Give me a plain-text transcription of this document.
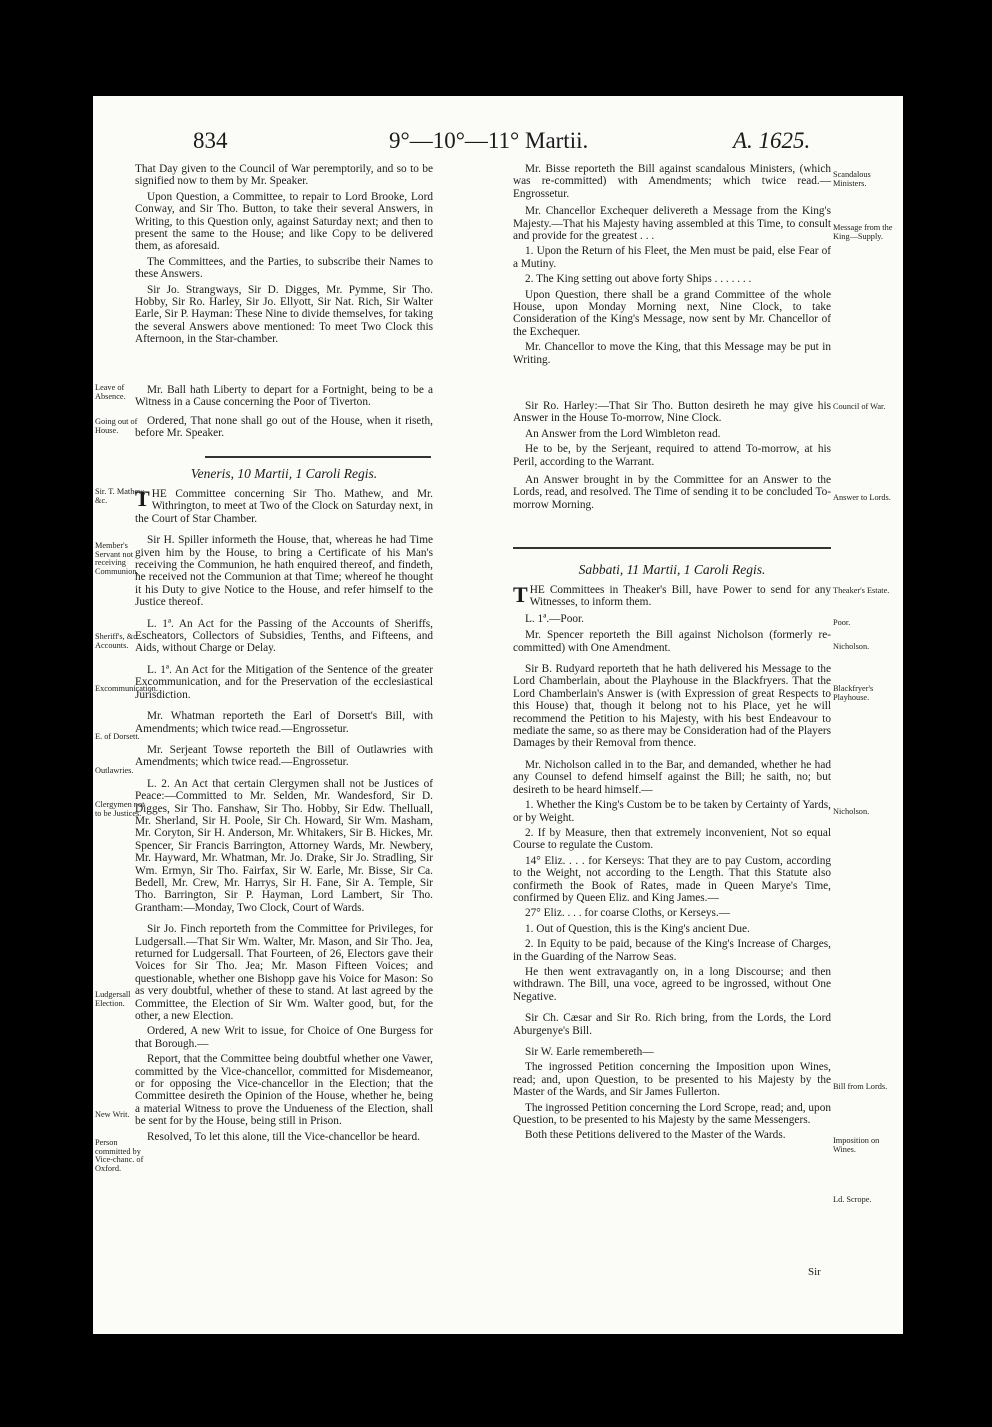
834	9°—10°—11° Martii.	A. 1625.

That Day given to the Council of War peremptorily, and so to be signified now to them by Mr. Speaker.

Upon Question, a Committee, to repair to Lord Brooke, Lord Conway, and Sir Tho. Button, to take their several Answers, in Writing, to this Question only, against Saturday next; and then to present the same to the House; and like Copy to be delivered them, as aforesaid.

The Committees, and the Parties, to subscribe their Names to these Answers.

Sir Jo. Strangways, Sir D. Digges, Mr. Pymme, Sir Tho. Hobby, Sir Ro. Harley, Sir Jo. Ellyott, Sir Nat. Rich, Sir Walter Earle, Sir P. Hayman: These Nine to divide themselves, for taking the several Answers above mentioned: To meet Two Clock this Afternoon, in the Star-chamber.

Mr. Ball hath Liberty to depart for a Fortnight, being to be a Witness in a Cause concerning the Poor of Tiverton.

Ordered, That none shall go out of the House, when it riseth, before Mr. Speaker.

Veneris, 10 Martii, 1 Caroli Regis.

THE Committee concerning Sir Tho. Mathew, and Mr. Withrington, to meet at Two of the Clock on Saturday next, in the Court of Star Chamber.

Sir H. Spiller informeth the House, that, whereas he had Time given him by the House, to bring a Certificate of his Man's receiving the Communion, he hath enquired thereof, and findeth, he received not the Communion at that Time; whereof he thought it his Duty to give Notice to the House, and refer himself to the Justice thereof.

L. 1ª. An Act for the Passing of the Accounts of Sheriffs, Escheators, Collectors of Subsidies, Tenths, and Fifteens, and Aids, without Charge or Delay.

L. 1ª. An Act for the Mitigation of the Sentence of the greater Excommunication, and for the Preservation of the ecclesiastical Jurisdiction.

Mr. Whatman reporteth the Earl of Dorsett's Bill, with Amendments; which twice read.—Engrossetur.

Mr. Serjeant Towse reporteth the Bill of Outlawries with Amendments; which twice read.—Engrossetur.

L. 2. An Act that certain Clergymen shall not be Justices of Peace:—Committed to Mr. Selden, Mr. Wandesford, Sir D. Digges, Sir Tho. Fanshaw, Sir Tho. Hobby, Sir Edw. Thelluall, Mr. Sherland, Sir H. Poole, Sir Ch. Howard, Sir Wm. Masham, Mr. Coryton, Sir H. Anderson, Mr. Whitakers, Sir B. Hickes, Mr. Spencer, Sir Francis Barrington, Attorney Wards, Mr. Newbery, Mr. Hayward, Mr. Whatman, Mr. Jo. Drake, Sir Jo. Stradling, Sir Wm. Ermyn, Sir Tho. Fairfax, Sir W. Earle, Mr. Bisse, Sir Ca. Bedell, Mr. Crew, Mr. Harrys, Sir H. Fane, Sir A. Temple, Sir Tho. Barrington, Sir P. Hayman, Lord Lambert, Sir Tho. Grantham:—Monday, Two Clock, Court of Wards.

Sir Jo. Finch reporteth from the Committee for Privileges, for Ludgersall.—That Sir Wm. Walter, Mr. Mason, and Sir Tho. Jea, returned for Ludgersall. That Fourteen, of 26, Electors gave their Voices for Sir Tho. Jea; Mr. Mason Fifteen Voices; and questionable, whether one Bishopp gave his Voice for Mason: So as very doubtful, whether of these to stand. At last agreed by the Committee, the Election of Sir Wm. Walter good, but, for the other, a new Election.

Ordered, A new Writ to issue, for Choice of One Burgess for that Borough.—

Report, that the Committee being doubtful whether one Vawer, committed by the Vice-chancellor, committed for Misdemeanor, or for opposing the Vice-chancellor in the Election; that the Committee desireth the Opinion of the House, whether he, being a material Witness to prove the Undueness of the Election, shall be sent for by the House, being still in Prison.

Resolved, To let this alone, till the Vice-chancellor be heard.

Mr. Bisse reporteth the Bill against scandalous Ministers, (which was re-committed) with Amendments; which twice read.—Engrossetur.

Mr. Chancellor Exchequer delivereth a Message from the King's Majesty.—That his Majesty having assembled at this Time, to consult and provide for the greatest . . .

1. Upon the Return of his Fleet, the Men must be paid, else Fear of a Mutiny.

2. The King setting out above forty Ships . . . . . . .

Upon Question, there shall be a grand Committee of the whole House, upon Monday Morning next, Nine Clock, to take Consideration of the King's Message, now sent by Mr. Chancellor of the Exchequer.

Mr. Chancellor to move the King, that this Message may be put in Writing.

Sir Ro. Harley:—That Sir Tho. Button desireth he may give his Answer in the House To-morrow, Nine Clock.

An Answer from the Lord Wimbleton read.

He to be, by the Serjeant, required to attend To-morrow, at his Peril, according to the Warrant.

An Answer brought in by the Committee for an Answer to the Lords, read, and resolved. The Time of sending it to be concluded To-morrow Morning.

Sabbati, 11 Martii, 1 Caroli Regis.

THE Committees in Theaker's Bill, have Power to send for any Witnesses, to inform them.

L. 1ª.—Poor.

Mr. Spencer reporteth the Bill against Nicholson (formerly re-committed) with One Amendment.

Sir B. Rudyard reporteth that he hath delivered his Message to the Lord Chamberlain, about the Playhouse in the Blackfryers. That the Lord Chamberlain's Answer is (with Expression of great Respects to this House) that, though it belong not to his Place, yet he will recommend the Petition to his Majesty, with his best Endeavour to mediate the same, so as there may be Consideration had of the Players Damages by their Removal from thence.

Mr. Nicholson called in to the Bar, and demanded, whether he had any Counsel to defend himself against the Bill; he saith, no; but desireth to be heard himself.—

1. Whether the King's Custom be to be taken by Certainty of Yards, or by Weight.

2. If by Measure, then that extremely inconvenient, Not so equal Course to regulate the Custom.

14° Eliz. . . . for Kerseys: That they are to pay Custom, according to the Weight, not according to the Length. That this Statute also confirmeth the Book of Rates, made in Queen Marye's Time, confirmed by Queen Eliz. and King James.—

27° Eliz. . . . for coarse Cloths, or Kerseys.—

1. Out of Question, this is the King's ancient Due.

2. In Equity to be paid, because of the King's Increase of Charges, in the Guarding of the Narrow Seas.

He then went extravagantly on, in a long Discourse; and then withdrawn. The Bill, una voce, agreed to be ingrossed, without One Negative.

Sir Ch. Cæsar and Sir Ro. Rich bring, from the Lords, the Lord Aburgenye's Bill.

Sir W. Earle remembereth—

The ingrossed Petition concerning the Imposition upon Wines, read; and, upon Question, to be presented to his Majesty by the Master of the Wards, and Sir James Fullerton.

The ingrossed Petition concerning the Lord Scrope, read; and, upon Question, to be presented to his Majesty by the same Messengers.

Both these Petitions delivered to the Master of the Wards.

Sir
Leave of Absence.
Going out of House.
Sir. T. Mathew, &c.
Member's Servant not receiving Communion.
Sheriff's, &c. Accounts.
Excommunication.
E. of Dorsett.
Outlawries.
Clergymen not to be Justices.
Ludgersall Election.
New Writ.
Person committed by Vice-chanc. of Oxford.
Scandalous Ministers.
Message from the King—Supply.
Council of War.
Answer to Lords.
Theaker's Estate.
Poor.
Nicholson.
Blackfryer's Playhouse.
Nicholson.
Bill from Lords.
Imposition on Wines.
Ld. Scrope.
